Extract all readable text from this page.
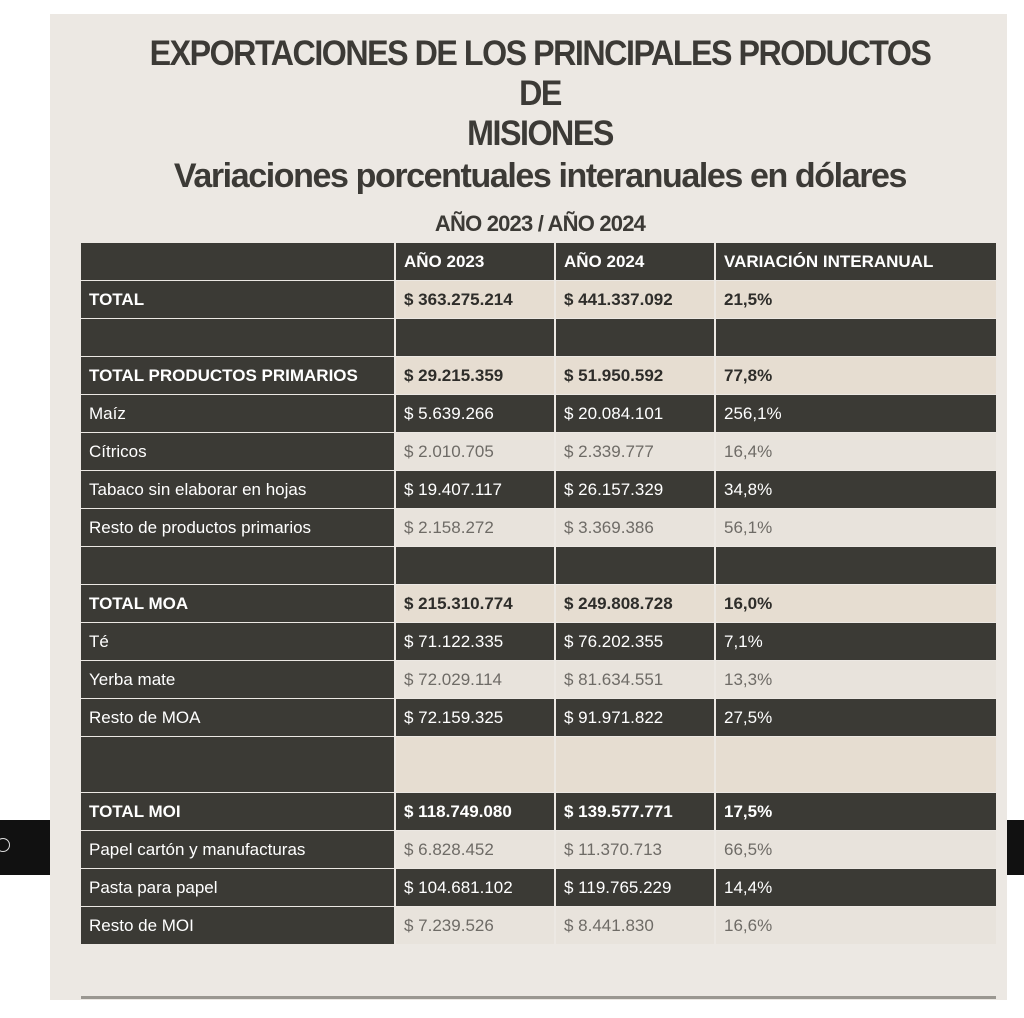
EXPORTACIONES DE LOS PRINCIPALES PRODUCTOS DE
MISIONES
Variaciones porcentuales interanuales en dólares
AÑO 2023 / AÑO 2024
	AÑO 2023	AÑO 2024	VARIACIÓN INTERANUAL
TOTAL	$ 363.275.214	$ 441.337.092	21,5%

TOTAL PRODUCTOS PRIMARIOS	$ 29.215.359	$ 51.950.592	77,8%
Maíz	$ 5.639.266	$ 20.084.101	256,1%
Cítricos	$ 2.010.705	$ 2.339.777	16,4%
Tabaco sin elaborar en hojas	$ 19.407.117	$ 26.157.329	34,8%
Resto de productos primarios	$ 2.158.272	$ 3.369.386	56,1%

TOTAL MOA	$ 215.310.774	$ 249.808.728	16,0%
Té	$ 71.122.335	$ 76.202.355	7,1%
Yerba mate	$ 72.029.114	$ 81.634.551	13,3%
Resto de MOA	$ 72.159.325	$ 91.971.822	27,5%

TOTAL MOI	$ 118.749.080	$ 139.577.771	17,5%
Papel cartón y manufacturas	$ 6.828.452	$ 11.370.713	66,5%
Pasta para papel	$ 104.681.102	$ 119.765.229	14,4%
Resto de MOI	$ 7.239.526	$ 8.441.830	16,6%
